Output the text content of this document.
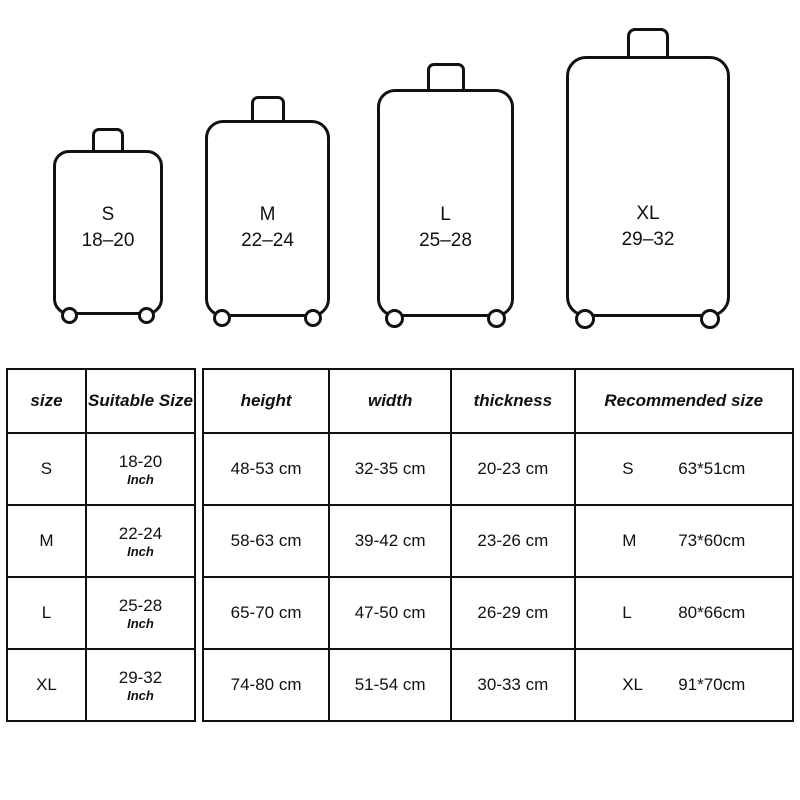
S
18–20
M
22–24
L
25–28
XL
29–32
size	Suitable Size
S	18-20
Inch

M	22-24
Inch

L	25-28
Inch

XL	29-32
Inch
height	width	thickness	Recommended size
48-53 cm	32-35 cm	20-23 cm	S 63*51cm

58-63 cm	39-42 cm	23-26 cm	M 73*60cm

65-70 cm	47-50 cm	26-29 cm	L 80*66cm

74-80 cm	51-54 cm	30-33 cm	XL 91*70cm
